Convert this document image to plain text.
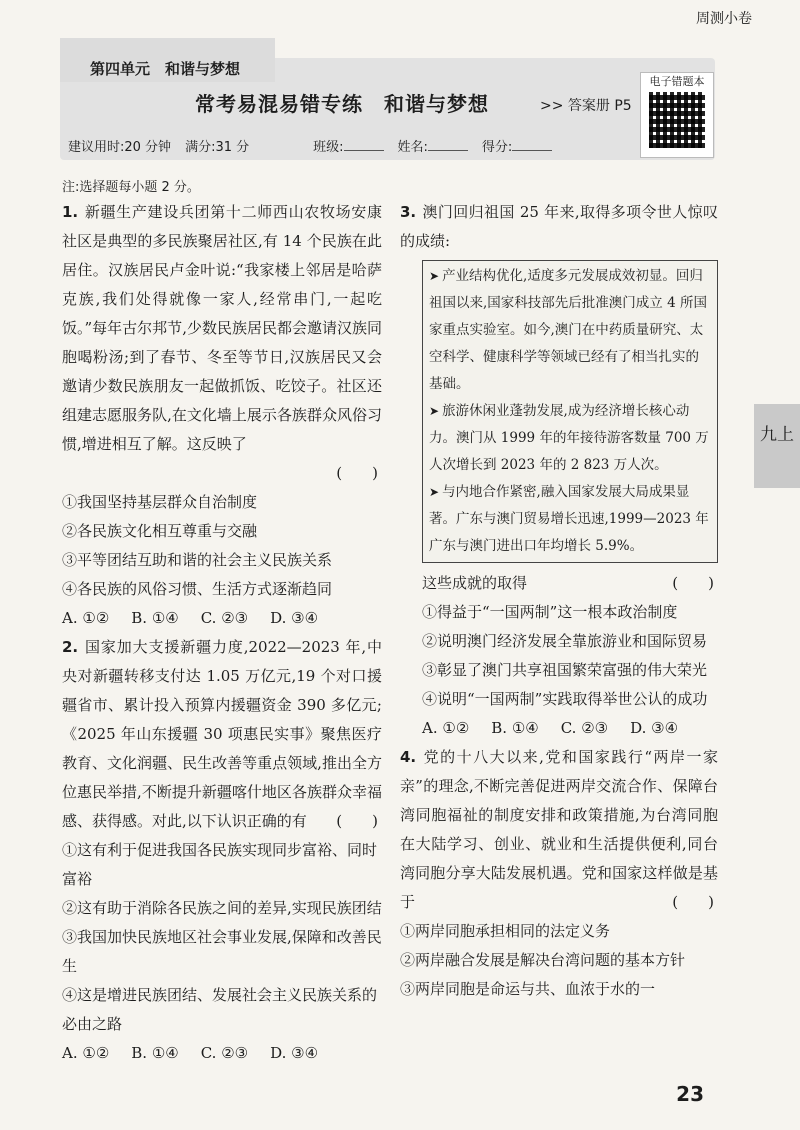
周测小卷
第四单元　和谐与梦想
常考易混易错专练　和谐与梦想	>> 答案册 P5
电子错题本
建议用时:20 分钟 满分:31 分	班级:	姓名:	得分:
注:选择题每小题 2 分。
1. 新疆生产建设兵团第十二师西山农牧场安康社区是典型的多民族聚居社区,有 14 个民族在此居住。汉族居民卢金叶说:“我家楼上邻居是哈萨克族,我们处得就像一家人,经常串门,一起吃饭。”每年古尔邦节,少数民族居民都会邀请汉族同胞喝粉汤;到了春节、冬至等节日,汉族居民又会邀请少数民族朋友一起做抓饭、吃饺子。社区还组建志愿服务队,在文化墙上展示各族群众风俗习惯,增进相互了解。这反映了
(　　)

①我国坚持基层群众自治制度

②各民族文化相互尊重与交融

③平等团结互助和谐的社会主义民族关系

④各民族的风俗习惯、生活方式逐渐趋同

A. ①② B. ①④ C. ②③ D. ③④
2. 国家加大支援新疆力度,2022—2023 年,中央对新疆转移支付达 1.05 万亿元,19 个对口援疆省市、累计投入预算内援疆资金 390 多亿元;《2025 年山东援疆 30 项惠民实事》聚焦医疗教育、文化润疆、民生改善等重点领域,推出全方位惠民举措,不断提升新疆喀什地区各族群众幸福感、获得感。对此,以下认识正确的有 (　　)

①这有利于促进我国各民族实现同步富裕、同时富裕

②这有助于消除各民族之间的差异,实现民族团结

③我国加快民族地区社会事业发展,保障和改善民生

④这是增进民族团结、发展社会主义民族关系的必由之路

A. ①② B. ①④ C. ②③ D. ③④
3. 澳门回归祖国 25 年来,取得多项令世人惊叹的成绩:
➤ 产业结构优化,适度多元发展成效初显。回归祖国以来,国家科技部先后批准澳门成立 4 所国家重点实验室。如今,澳门在中药质量研究、太空科学、健康科学等领域已经有了相当扎实的基础。
➤ 旅游休闲业蓬勃发展,成为经济增长核心动力。澳门从 1999 年的年接待游客数量 700 万人次增长到 2023 年的 2 823 万人次。
➤ 与内地合作紧密,融入国家发展大局成果显著。广东与澳门贸易增长迅速,1999—2023 年广东与澳门进出口年均增长 5.9%。
这些成就的取得	(　　)

①得益于“一国两制”这一根本政治制度

②说明澳门经济发展全靠旅游业和国际贸易

③彰显了澳门共享祖国繁荣富强的伟大荣光

④说明“一国两制”实践取得举世公认的成功

A. ①② B. ①④ C. ②③ D. ③④
4. 党的十八大以来,党和国家践行“两岸一家亲”的理念,不断完善促进两岸交流合作、保障台湾同胞福祉的制度安排和政策措施,为台湾同胞在大陆学习、创业、就业和生活提供便利,同台湾同胞分享大陆发展机遇。党和国家这样做是基于	(　　)

①两岸同胞承担相同的法定义务

②两岸融合发展是解决台湾问题的基本方针

③两岸同胞是命运与共、血浓于水的一

九上
23
